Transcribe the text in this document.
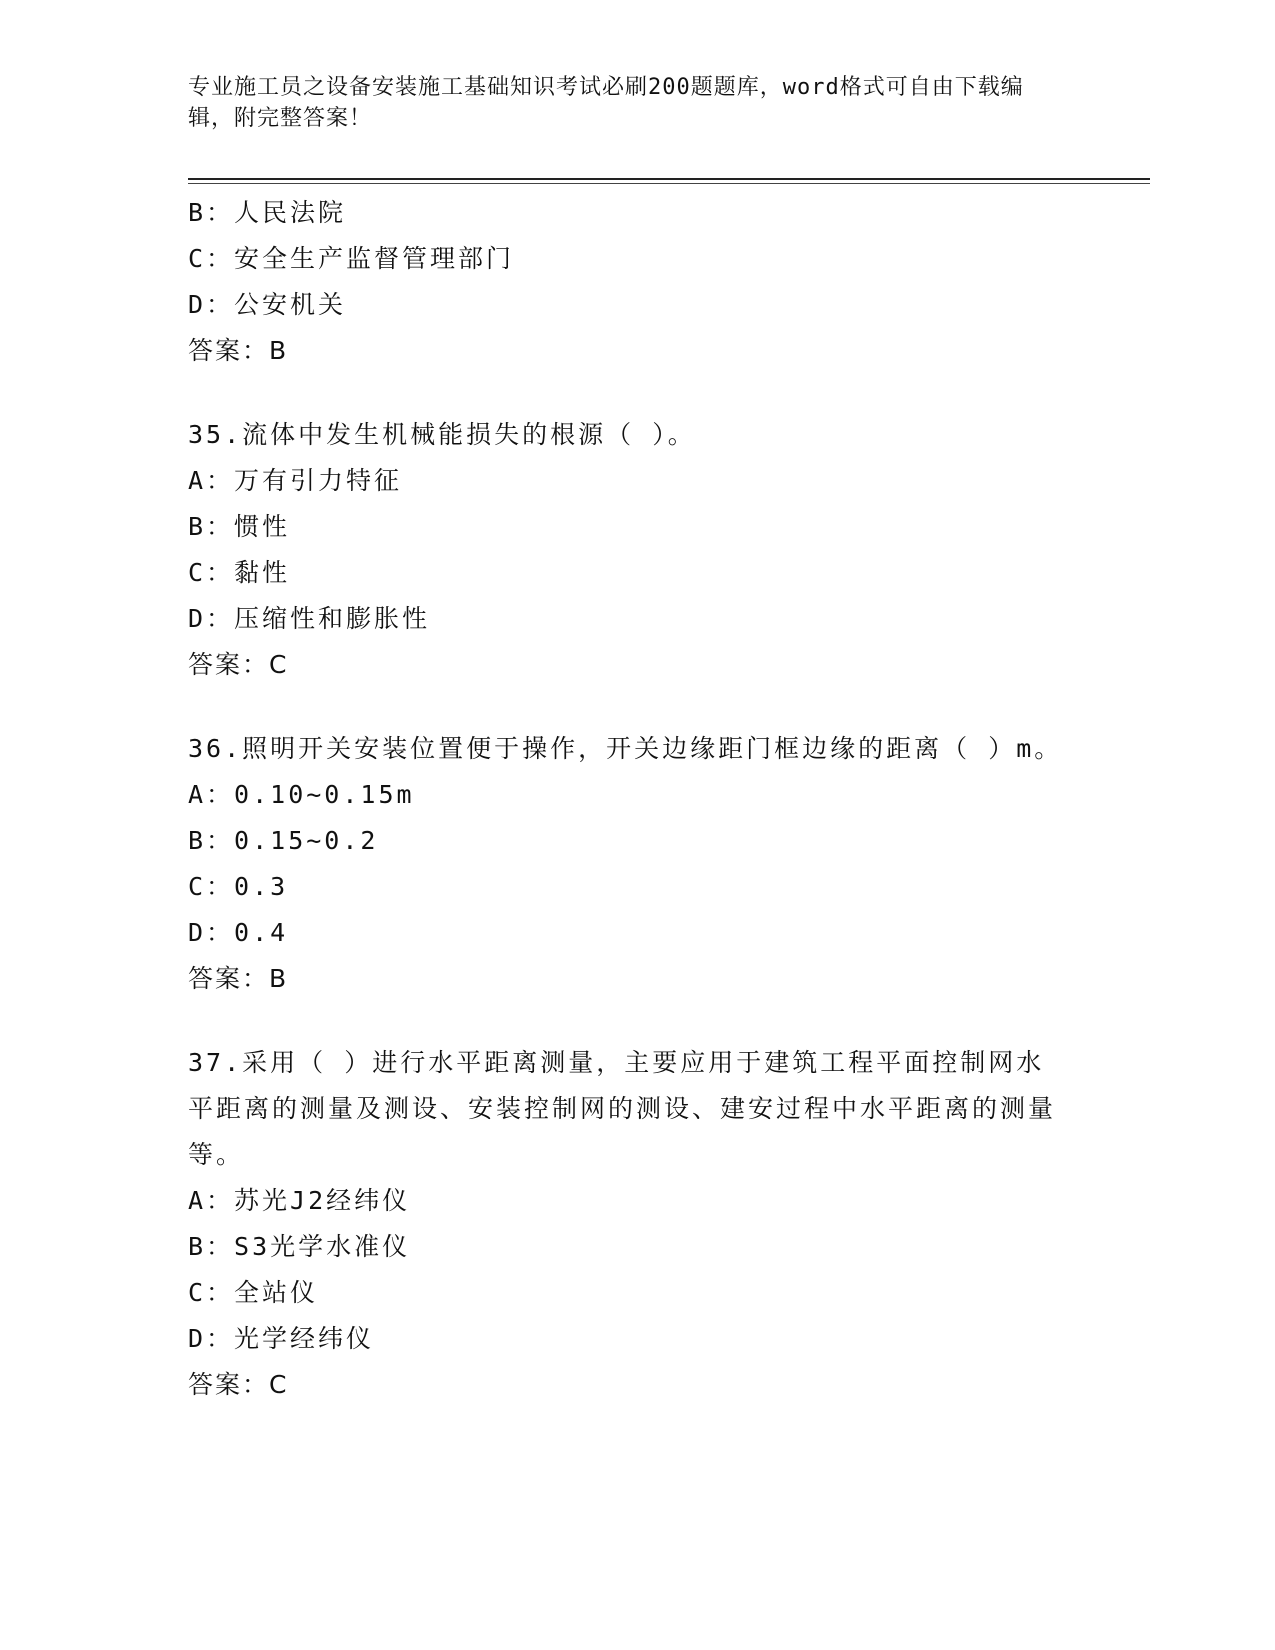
专业施工员之设备安装施工基础知识考试必刷200题题库，word格式可自由下载编辑，附完整答案！
B：人民法院
C：安全生产监督管理部门
D：公安机关
答案：B
35.流体中发生机械能损失的根源（ ）。
A：万有引力特征
B：惯性
C：黏性
D：压缩性和膨胀性
答案：C
36.照明开关安装位置便于操作，开关边缘距门框边缘的距离（ ）m。
A：0.10~0.15m
B：0.15~0.2
C：0.3
D：0.4
答案：B
37.采用（ ）进行水平距离测量，主要应用于建筑工程平面控制网水平距离的测量及测设、安装控制网的测设、建安过程中水平距离的测量等。
A：苏光J2经纬仪
B：S3光学水准仪
C：全站仪
D：光学经纬仪
答案：C
